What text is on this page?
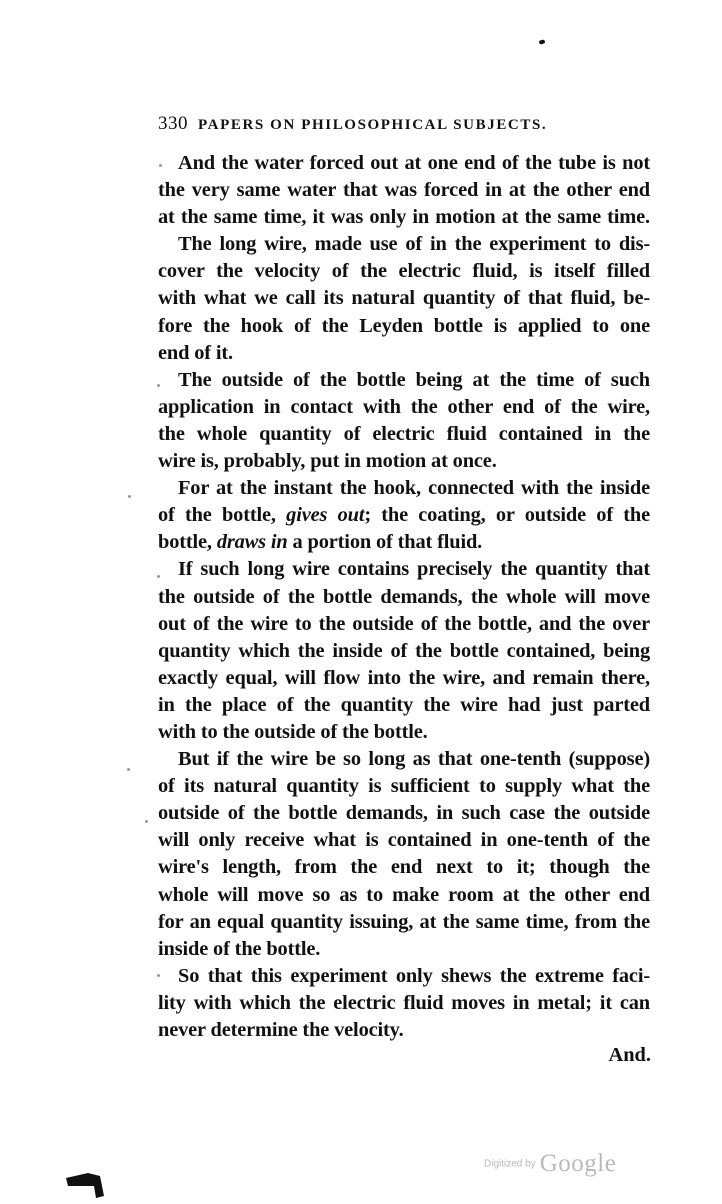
330 PAPERS ON PHILOSOPHICAL SUBJECTS.
And the water forced out at one end of the tube is not
the very same water that was forced in at the other end
at the same time, it was only in motion at the same time.
The long wire, made use of in the experiment to dis-
cover the velocity of the electric fluid, is itself filled
with what we call its natural quantity of that fluid, be-
fore the hook of the Leyden bottle is applied to one
end of it.
The outside of the bottle being at the time of such
application in contact with the other end of the wire,
the whole quantity of electric fluid contained in the
wire is, probably, put in motion at once.
For at the instant the hook, connected with the inside
of the bottle, gives out; the coating, or outside of the
bottle, draws in a portion of that fluid.
If such long wire contains precisely the quantity that
the outside of the bottle demands, the whole will move
out of the wire to the outside of the bottle, and the over
quantity which the inside of the bottle contained, being
exactly equal, will flow into the wire, and remain there,
in the place of the quantity the wire had just parted
with to the outside of the bottle.
But if the wire be so long as that one-tenth (suppose)
of its natural quantity is sufficient to supply what the
outside of the bottle demands, in such case the outside
will only receive what is contained in one-tenth of the
wire's length, from the end next to it; though the
whole will move so as to make room at the other end
for an equal quantity issuing, at the same time, from the
inside of the bottle.
So that this experiment only shews the extreme faci-
lity with which the electric fluid moves in metal; it can
never determine the velocity.
And.
Digitized by Google
